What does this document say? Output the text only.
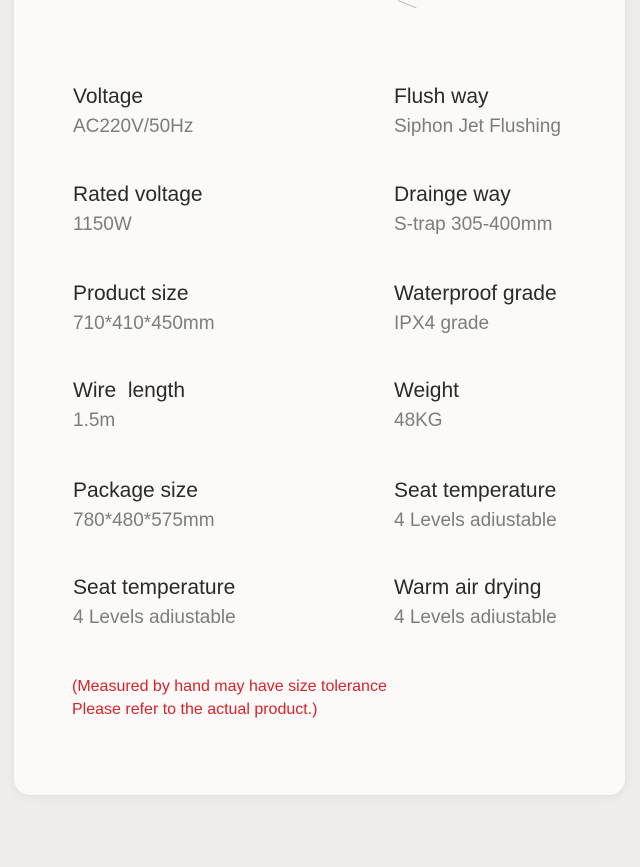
Voltage
AC220V/50Hz
Flush way
Siphon Jet Flushing
Rated voltage
1150W
Drainge way
S-trap 305-400mm
Product size
710*410*450mm
Waterproof grade
IPX4 grade
Wire  length
1.5m
Weight
48KG
Package size
780*480*575mm
Seat temperature
4 Levels adiustable
Seat temperature
4 Levels adiustable
Warm air drying
4 Levels adiustable
(Measured by hand may have size tolerance
Please refer to the actual product.)
